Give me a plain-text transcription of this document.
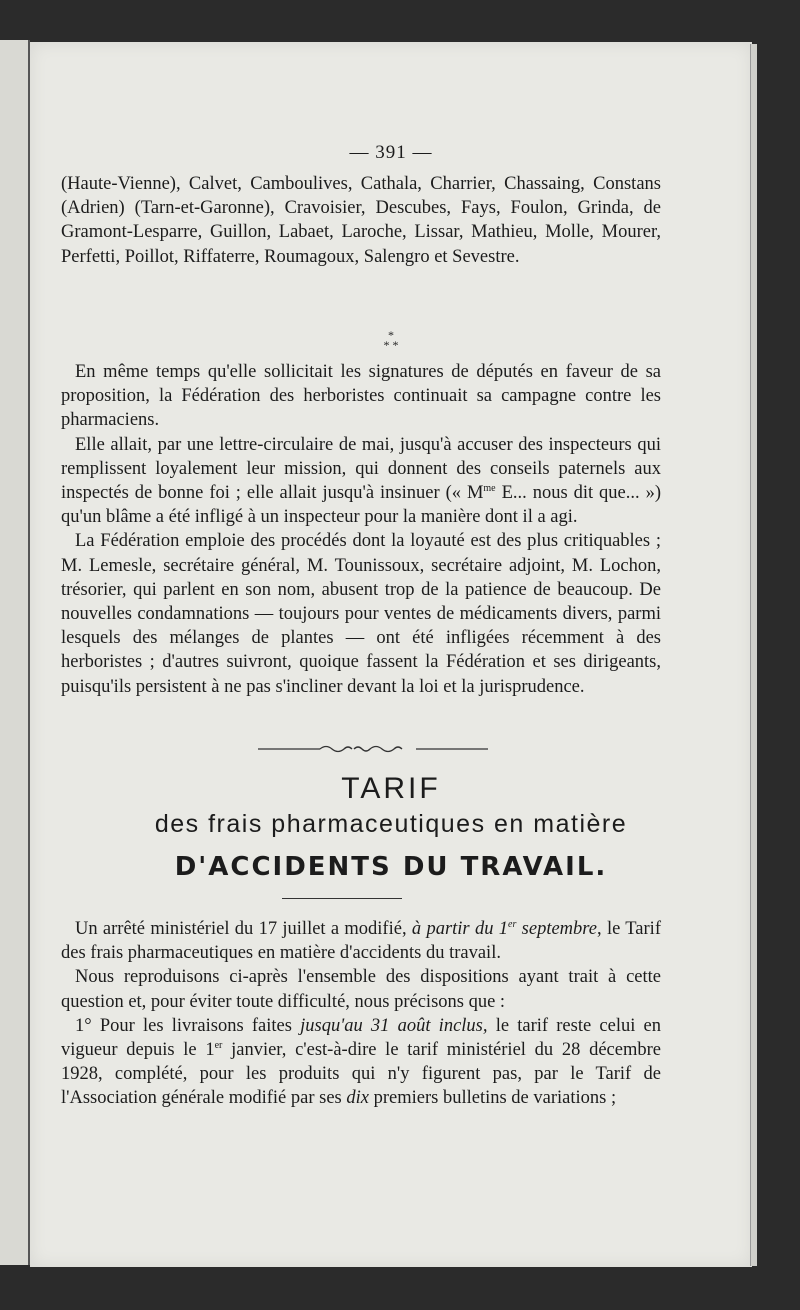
— 391 —

(Haute-Vienne), Calvet, Camboulives, Cathala, Charrier, Chassaing, Constans (Adrien) (Tarn-et-Garonne), Cravoisier, Descubes, Fays, Foulon, Grinda, de Gramont-Lesparre, Guillon, Labaet, Laroche, Lissar, Mathieu, Molle, Mourer, Perfetti, Poillot, Riffaterre, Roumagoux, Salengro et Sevestre.

*
* *

En même temps qu'elle sollicitait les signatures de députés en faveur de sa proposition, la Fédération des herboristes continuait sa campagne contre les pharmaciens.

Elle allait, par une lettre-circulaire de mai, jusqu'à accuser des inspecteurs qui remplissent loyalement leur mission, qui donnent des conseils paternels aux inspectés de bonne foi ; elle allait jusqu'à insinuer (« $M^{me}$ E... nous dit que... ») qu'un blâme a été infligé à un inspecteur pour la manière dont il a agi.

La Fédération emploie des procédés dont la loyauté est des plus critiquables ; M. Lemesle, secrétaire général, M. Tounissoux, secrétaire adjoint, M. Lochon, trésorier, qui parlent en son nom, abusent trop de la patience de beaucoup. De nouvelles condamnations — toujours pour ventes de médicaments divers, parmi lesquels des mélanges de plantes — ont été infligées récemment à des herboristes ; d'autres suivront, quoique fassent la Fédération et ses dirigeants, puisqu'ils persistent à ne pas s'incliner devant la loi et la jurisprudence.

TARIF
des frais pharmaceutiques en matière
D'ACCIDENTS DU TRAVAIL.

Un arrêté ministériel du 17 juillet a modifié, à partir du 1er septembre, le Tarif des frais pharmaceutiques en matière d'accidents du travail.

Nous reproduisons ci-après l'ensemble des dispositions ayant trait à cette question et, pour éviter toute difficulté, nous précisons que :

1° Pour les livraisons faites jusqu'au 31 août inclus, le tarif reste celui en vigueur depuis le 1er janvier, c'est-à-dire le tarif ministériel du 28 décembre 1928, complété, pour les produits qui n'y figurent pas, par le Tarif de l'Association générale modifié par ses dix premiers bulletins de variations ;
